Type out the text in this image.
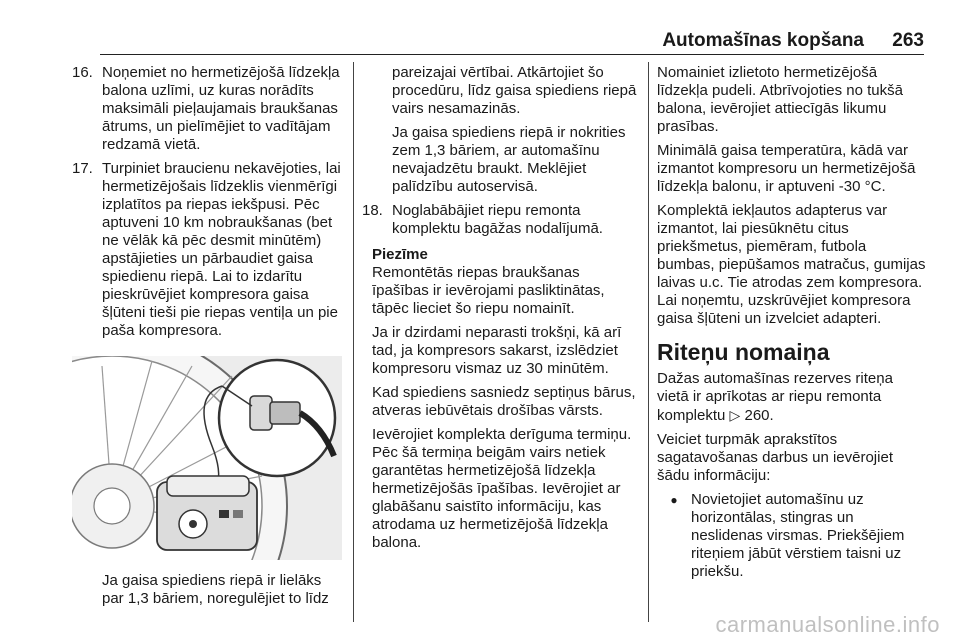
Automašīnas kopšana 263
16. Noņemiet no hermetizējošā līdzekļa balona uzlīmi, uz kuras norādīts maksimāli pieļaujamais braukšanas ātrums, un pielīmējiet to vadītājam redzamā vietā.
17. Turpiniet braucienu nekavējoties, lai hermetizējošais līdzeklis vienmērīgi izplatītos pa riepas iekšpusi. Pēc aptuveni 10 km nobraukšanas (bet ne vēlāk kā pēc desmit minūtēm) apstājieties un pārbaudiet gaisa spiedienu riepā. Lai to izdarītu pieskrūvējiet kompresora gaisa šļūteni tieši pie riepas ventiļa un pie paša kompresora.
Ja gaisa spiediens riepā ir lielāks par 1,3 bāriem, noregulējiet to līdz

pareizajai vērtībai. Atkārtojiet šo procedūru, līdz gaisa spiediens riepā vairs nesamazinās.

Ja gaisa spiediens riepā ir nokrities zem 1,3 bāriem, ar automašīnu nevajadzētu braukt. Meklējiet palīdzību autoservisā.

18. Noglabābājiet riepu remonta komplektu bagāžas nodalījumā.
Piezīme

Remontētās riepas braukšanas īpašības ir ievērojami pasliktinātas, tāpēc lieciet šo riepu nomainīt.

Ja ir dzirdami neparasti trokšņi, kā arī tad, ja kompresors sakarst, izslēdziet kompresoru vismaz uz 30 minūtēm.

Kad spiediens sasniedz septiņus bārus, atveras iebūvētais drošības vārsts.

Ievērojiet komplekta derīguma termiņu. Pēc šā termiņa beigām vairs netiek garantētas hermetizējošā līdzekļa hermetizējošās īpašības. Ievērojiet ar glabāšanu saistīto informāciju, kas atrodama uz hermetizējošā līdzekļa balona.

Nomainiet izlietoto hermetizējošā līdzekļa pudeli. Atbrīvojoties no tukšā balona, ievērojiet attiecīgās likumu prasības.

Minimālā gaisa temperatūra, kādā var izmantot kompresoru un hermetizējošā līdzekļa balonu, ir aptuveni -30 °C.

Komplektā iekļautos adapterus var izmantot, lai piesūknētu citus priekšmetus, piemēram, futbola bumbas, piepūšamos matračus, gumijas laivas u.c. Tie atrodas zem kompresora. Lai noņemtu, uzskrūvējiet kompresora gaisa šļūteni un izvelciet adapteri.

Riteņu nomaiņa

Dažas automašīnas rezerves riteņa vietā ir aprīkotas ar riepu remonta komplektu ▷ 260.

Veiciet turpmāk aprakstītos sagatavošanas darbus un ievērojiet šādu informāciju:

● Novietojiet automašīnu uz horizontālas, stingras un neslidenas virsmas. Priekšējiem riteņiem jābūt vērstiem taisni uz priekšu.
carmanualsonline.info
